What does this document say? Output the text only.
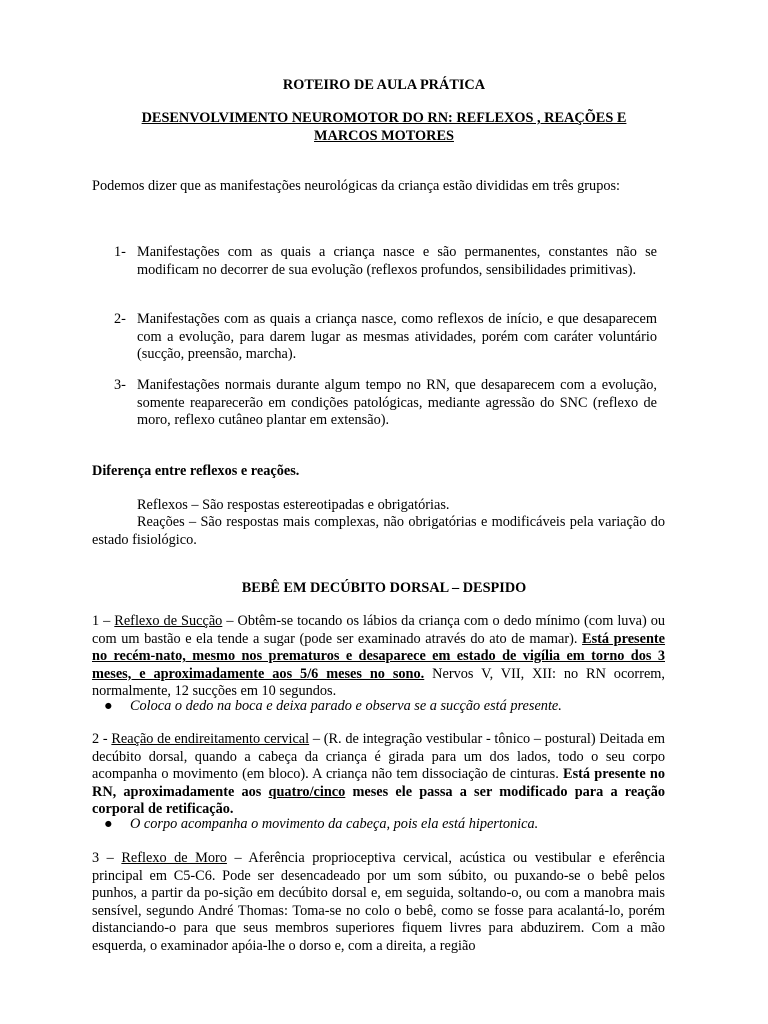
ROTEIRO DE AULA PRÁTICA
DESENVOLVIMENTO NEUROMOTOR DO RN: REFLEXOS , REAÇÕES E
MARCOS MOTORES
Podemos dizer que as manifestações neurológicas da criança estão divididas em três grupos:
1- Manifestações com as quais a criança nasce e são permanentes, constantes não se modificam no decorrer de sua evolução (reflexos profundos, sensibilidades primitivas).
2- Manifestações com as quais a criança nasce, como reflexos de início, e que desaparecem com a evolução, para darem lugar as mesmas atividades, porém com caráter voluntário (sucção, preensão, marcha).
3- Manifestações normais durante algum tempo no RN, que desaparecem com a evolução, somente reaparecerão em condições patológicas, mediante agressão do SNC (reflexo de moro, reflexo cutâneo plantar em extensão).
Diferença entre reflexos e reações.
Reflexos – São respostas estereotipadas e obrigatórias.
Reações – São respostas mais complexas, não obrigatórias e modificáveis pela variação do estado fisiológico.
BEBÊ EM DECÚBITO DORSAL – DESPIDO
1 – Reflexo de Sucção – Obtêm-se tocando os lábios da criança com o dedo mínimo (com luva) ou com um bastão e ela tende a sugar (pode ser examinado através do ato de mamar). Está presente no recém-nato, mesmo nos prematuros e desaparece em estado de vigília em torno dos 3 meses, e aproximadamente aos 5/6 meses no sono. Nervos V, VII, XII: no RN ocorrem, normalmente, 12 sucções em 10 segundos.
● Coloca o dedo na boca e deixa parado e observa se a sucção está presente.
2 - Reação de endireitamento cervical – (R. de integração vestibular - tônico – postural) Deitada em decúbito dorsal, quando a cabeça da criança é girada para um dos lados, todo o seu corpo acompanha o movimento (em bloco). A criança não tem dissociação de cinturas. Está presente no RN, aproximadamente aos quatro/cinco meses ele passa a ser modificado para a reação corporal de retificação.
● O corpo acompanha o movimento da cabeça, pois ela está hipertonica.
3 – Reflexo de Moro – Aferência proprioceptiva cervical, acústica ou vestibular e eferência principal em C5-C6. Pode ser desencadeado por um som súbito, ou puxando-se o bebê pelos punhos, a partir da po-sição em decúbito dorsal e, em seguida, soltando-o, ou com a manobra mais sensível, segundo André Thomas: Toma-se no colo o bebê, como se fosse para acalantá-lo, porém distanciando-o para que seus membros superiores fiquem livres para abduzirem. Com a mão esquerda, o examinador apóia-lhe o dorso e, com a direita, a região
